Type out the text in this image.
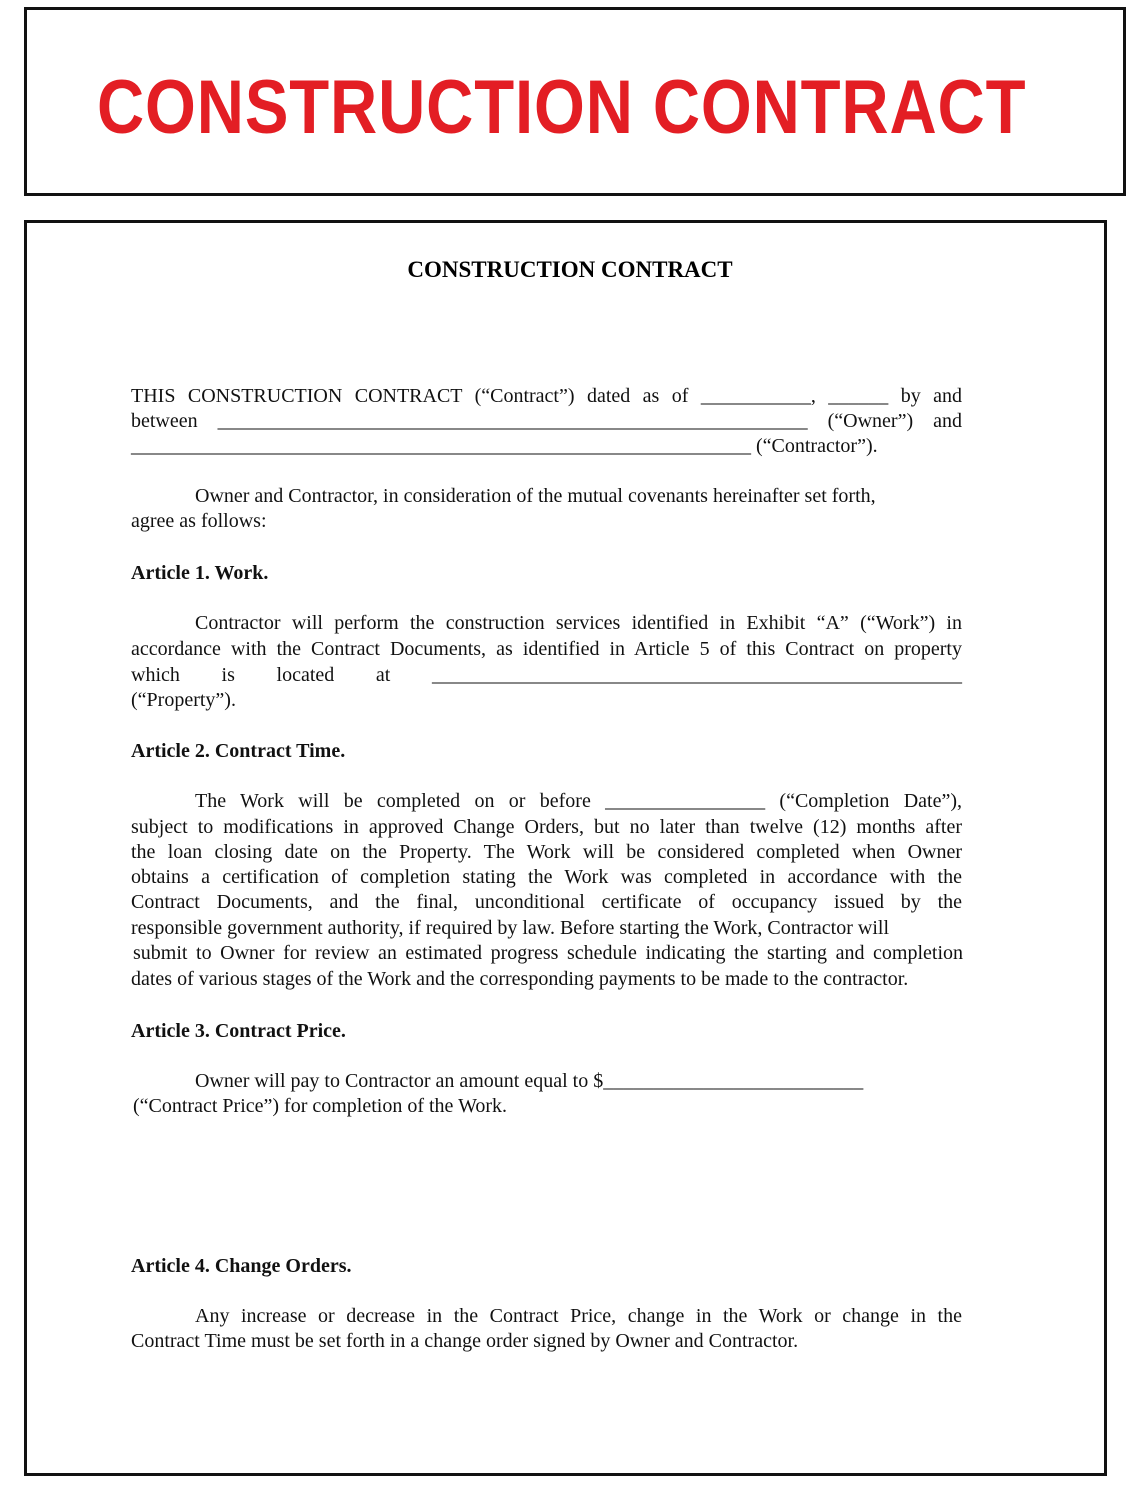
CONSTRUCTION CONTRACT
CONSTRUCTION CONTRACT
THIS CONSTRUCTION CONTRACT (“Contract”) dated as of ___________, ______ by and
between ___________________________________________________________ (“Owner”) and
______________________________________________________________ (“Contractor”).
Owner and Contractor, in consideration of the mutual covenants hereinafter set forth,
agree as follows:
Article 1. Work.
Contractor will perform the construction services identified in Exhibit “A” (“Work”) in
accordance with the Contract Documents, as identified in Article 5 of this Contract on property
which is located at _____________________________________________________
(“Property”).
Article 2. Contract Time.
The Work will be completed on or before ________________ (“Completion Date”),
subject to modifications in approved Change Orders, but no later than twelve (12) months after
the loan closing date on the Property. The Work will be considered completed when Owner
obtains a certification of completion stating the Work was completed in accordance with the
Contract Documents, and the final, unconditional certificate of occupancy issued by the
responsible government authority, if required by law. Before starting the Work, Contractor will
submit to Owner for review an estimated progress schedule indicating the starting and completion
dates of various stages of the Work and the corresponding payments to be made to the contractor.
Article 3. Contract Price.
Owner will pay to Contractor an amount equal to $__________________________
(“Contract Price”) for completion of the Work.
Article 4. Change Orders.
Any increase or decrease in the Contract Price, change in the Work or change in the
Contract Time must be set forth in a change order signed by Owner and Contractor.
